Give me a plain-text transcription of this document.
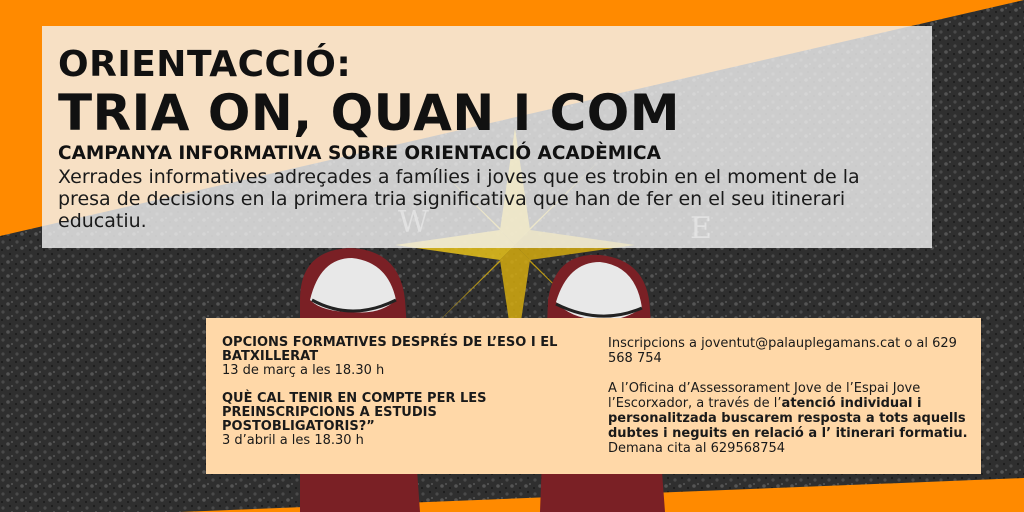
ORIENTACCIÓ:
TRIA ON, QUAN I COM
CAMPANYA INFORMATIVA SOBRE ORIENTACIÓ ACADÈMICA
Xerrades informatives adreçades a famílies i joves que es trobin en el moment de la presa de decisions en la primera tria significativa que han de fer en el seu itinerari educatiu.
OPCIONS FORMATIVES DESPRÉS DE L’ESO I EL BATXILLERAT
13 de març a les 18.30 h
QUÈ CAL TENIR EN COMPTE PER LES PREINSCRIPCIONS A ESTUDIS POSTOBLIGATORIS?”
3 d’abril a les 18.30 h

Inscripcions a joventut@palauplegamans.cat o al 629 568 754

A l’Oficina d’Assessorament Jove de l’Espai Jove l’Escorxador, a través de l’atenció individual i personalitzada buscarem resposta a tots aquells dubtes i neguits en relació a l’ itinerari formatiu. Demana cita al 629568754
